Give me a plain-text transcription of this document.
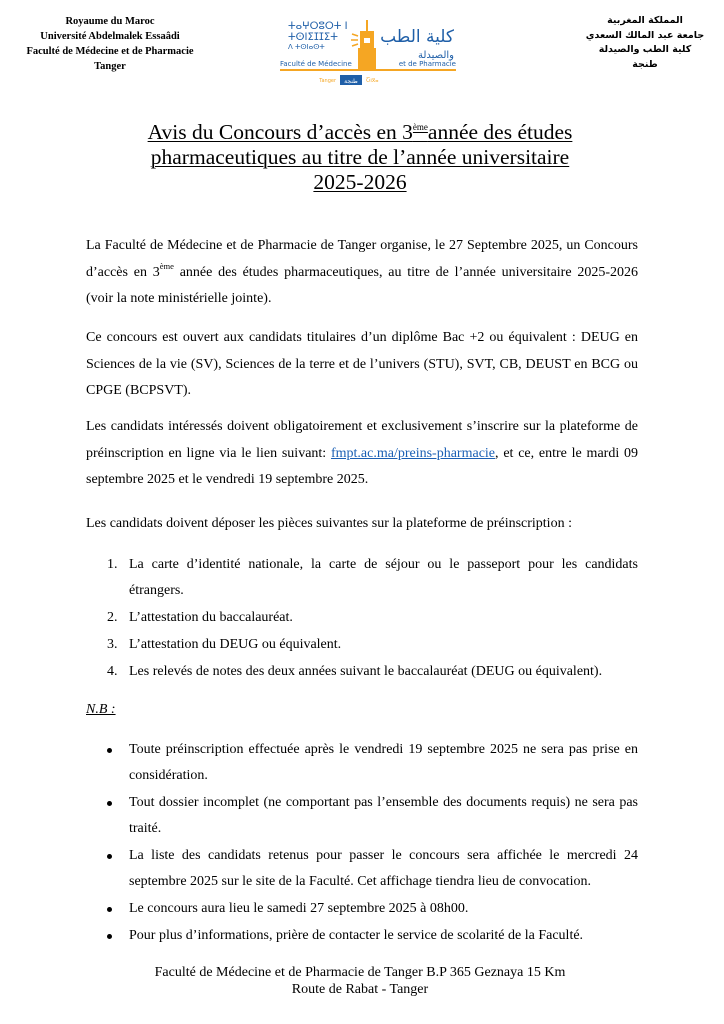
Royaume du Maroc
Université Abdelmalek Essaâdi
Faculté de Médecine et de Pharmacie
Tanger
ⵜⴰⵖⵔⵓⵔⵜ ⵏ
ⵜⵙⵏⵉⵊⵊⵉⵜ
ⴷ ⵜⵙⵏⴰⵙⵜ	كلية الطب
والصيدلة
Faculté de Médecine	et de Pharmacie
Tanger طنجة Ⴀⵏⴳⴰ
المملكة المغربية
جامعة عبد المالك السعدي
كلية الطب والصيدلة
طنجة
Avis du Concours d’accès en 3èmeannée des études
pharmaceutiques au titre de l’année universitaire
2025-2026
La Faculté de Médecine et de Pharmacie de Tanger organise, le 27 Septembre 2025, un Concours d’accès en 3ème année des études pharmaceutiques, au titre de l’année universitaire 2025-2026 (voir la note ministérielle jointe).
Ce concours est ouvert aux candidats titulaires d’un diplôme Bac +2 ou équivalent : DEUG en Sciences de la vie (SV), Sciences de la terre et de l’univers (STU), SVT, CB, DEUST en BCG ou CPGE (BCPSVT).
Les candidats intéressés doivent obligatoirement et exclusivement s’inscrire sur la plateforme de préinscription en ligne via le lien suivant: fmpt.ac.ma/preins-pharmacie, et ce, entre le mardi 09 septembre 2025 et le vendredi 19 septembre 2025.
Les candidats doivent déposer les pièces suivantes sur la plateforme de préinscription :
1. La carte d’identité nationale, la carte de séjour ou le passeport pour les candidats étrangers.
2. L’attestation du baccalauréat.
3. L’attestation du DEUG ou équivalent.
4. Les relevés de notes des deux années suivant le baccalauréat (DEUG ou équivalent).
N.B :
Toute préinscription effectuée après le vendredi 19 septembre 2025 ne sera pas prise en considération.
Tout dossier incomplet (ne comportant pas l’ensemble des documents requis) ne sera pas traité.
La liste des candidats retenus pour passer le concours sera affichée le mercredi 24 septembre 2025 sur le site de la Faculté. Cet affichage tiendra lieu de convocation.
Le concours aura lieu le samedi 27 septembre 2025 à 08h00.
Pour plus d’informations, prière de contacter le service de scolarité de la Faculté.
Faculté de Médecine et de Pharmacie de Tanger B.P 365 Geznaya 15 Km
Route de Rabat - Tanger
